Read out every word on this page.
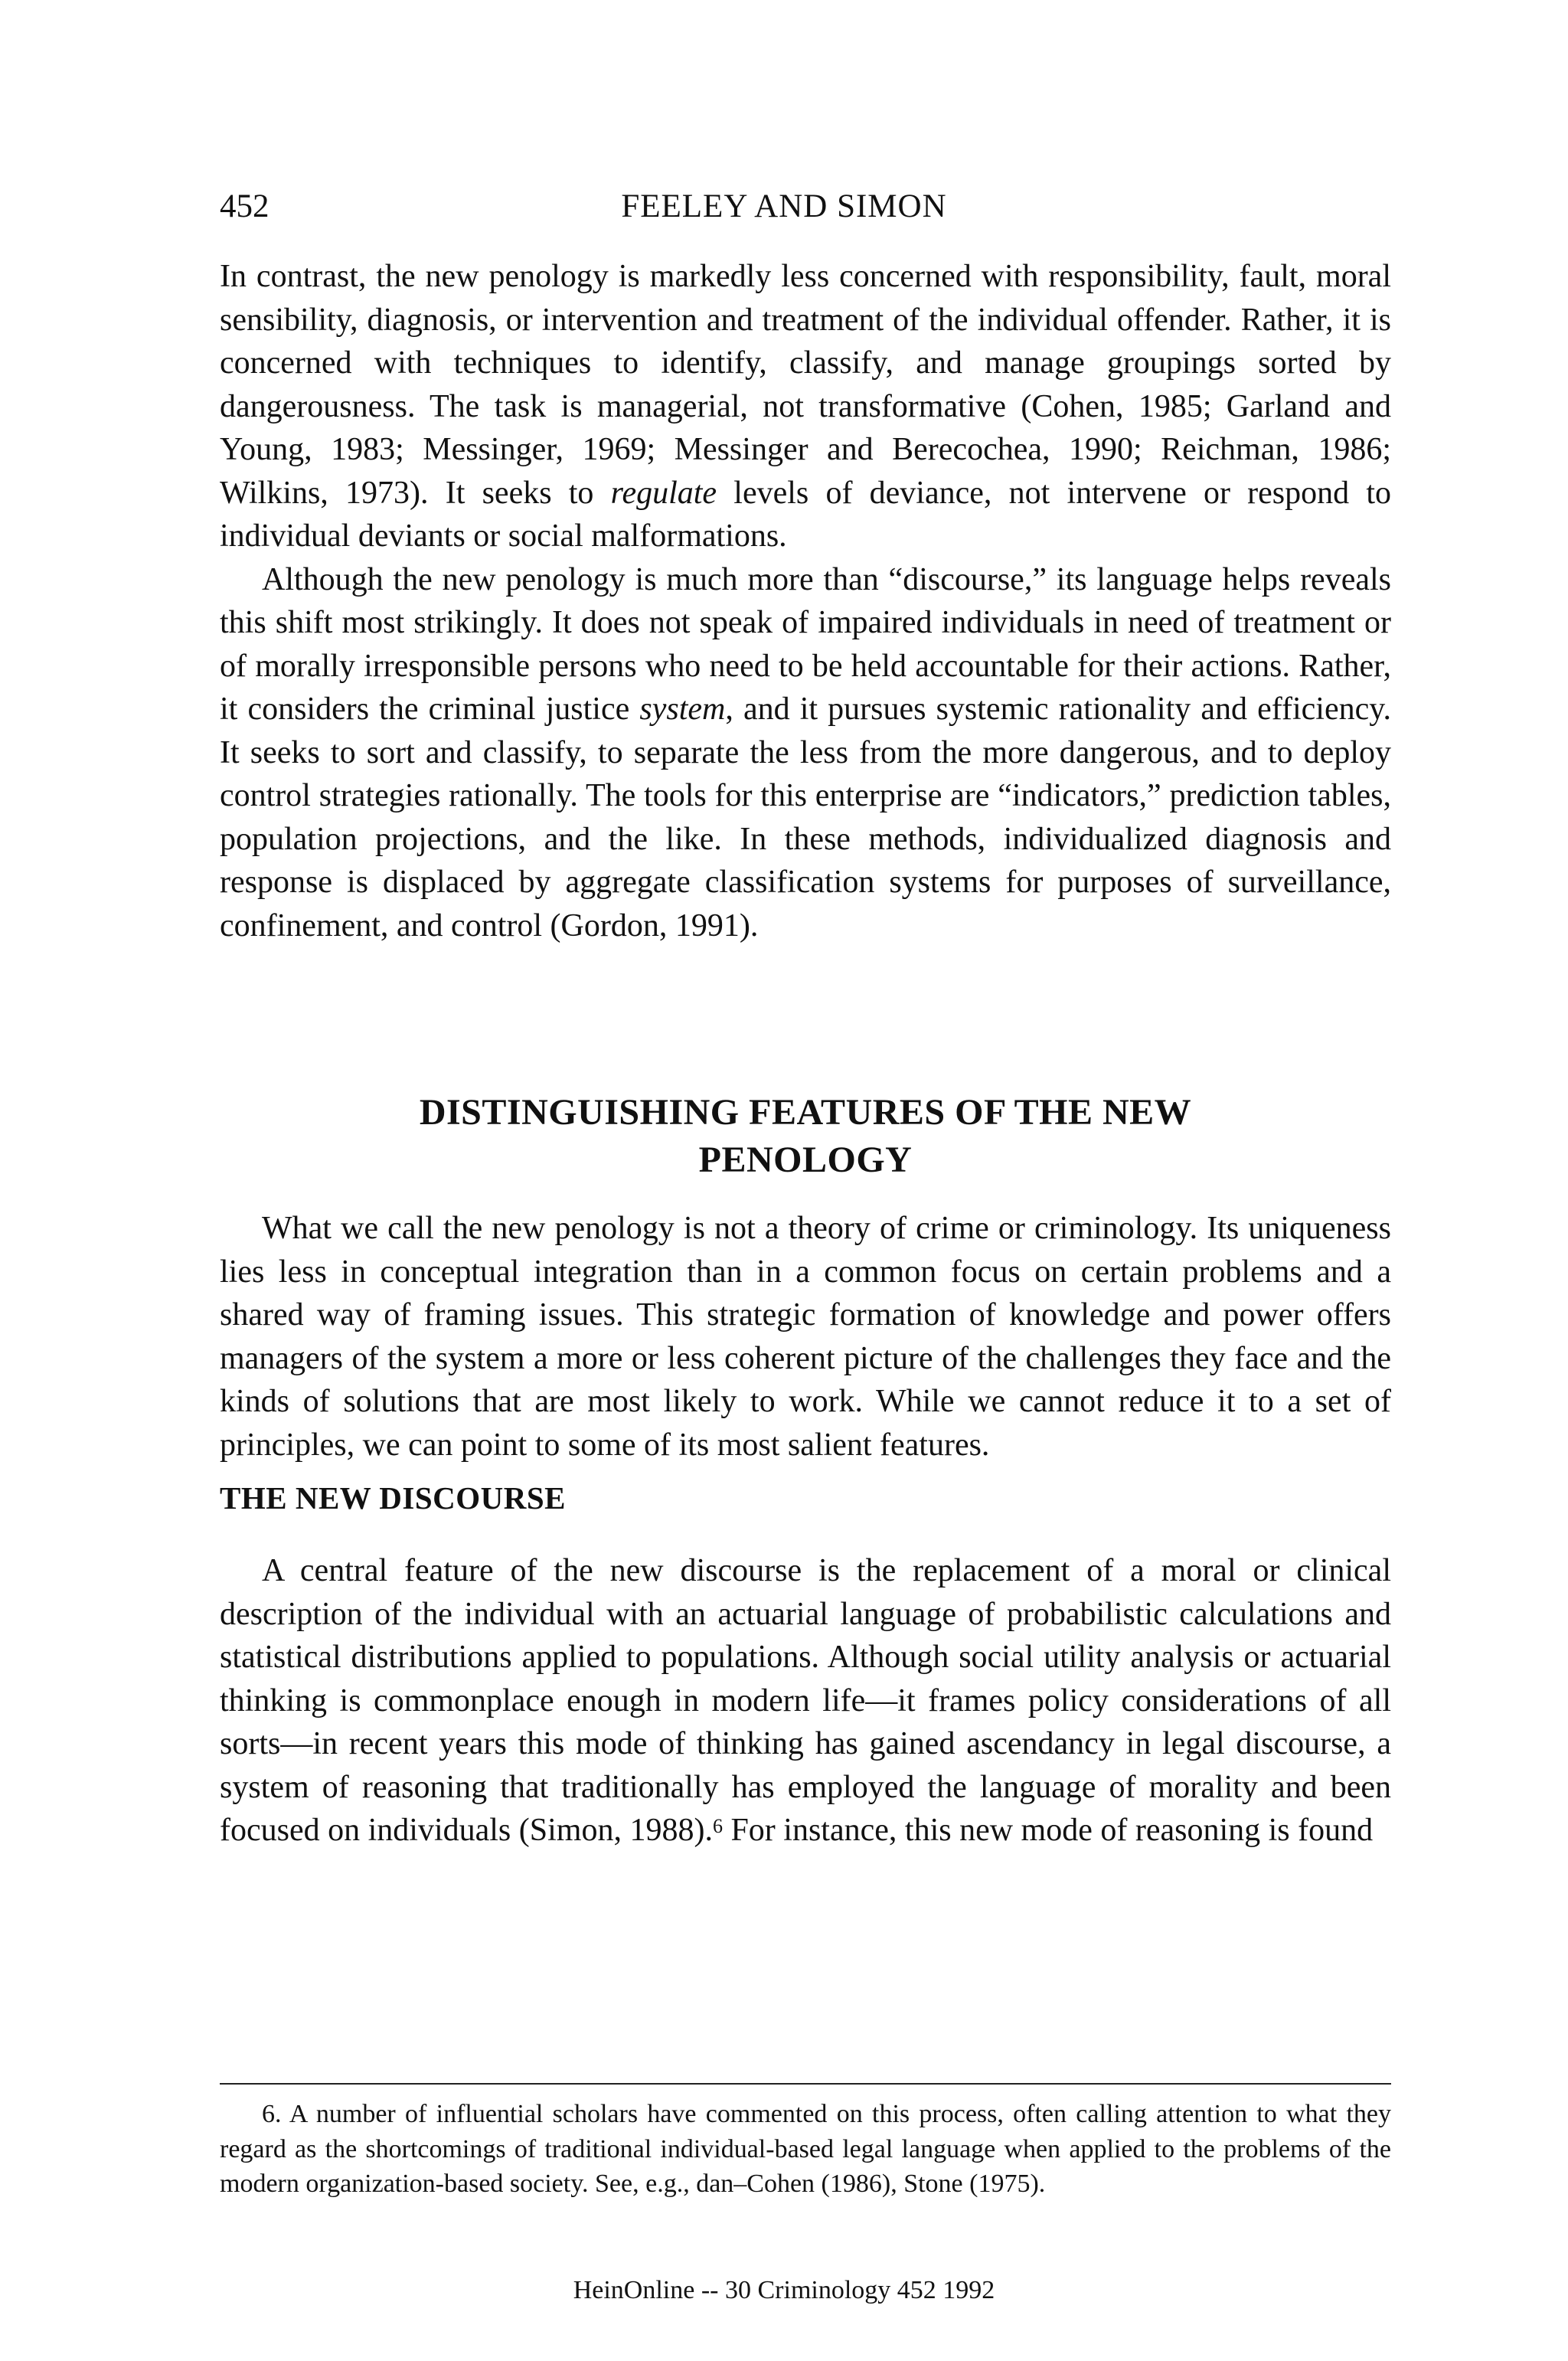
452	FEELEY AND SIMON

In contrast, the new penology is markedly less concerned with responsibility, fault, moral sensibility, diagnosis, or intervention and treatment of the individual offender. Rather, it is concerned with techniques to identify, classify, and manage groupings sorted by dangerousness. The task is managerial, not transformative (Cohen, 1985; Garland and Young, 1983; Messinger, 1969; Messinger and Berecochea, 1990; Reichman, 1986; Wilkins, 1973). It seeks to regulate levels of deviance, not intervene or respond to individual deviants or social malformations.

Although the new penology is much more than “discourse,” its language helps reveals this shift most strikingly. It does not speak of impaired individuals in need of treatment or of morally irresponsible persons who need to be held accountable for their actions. Rather, it considers the criminal justice system, and it pursues systemic rationality and efficiency. It seeks to sort and classify, to separate the less from the more dangerous, and to deploy control strategies rationally. The tools for this enterprise are “indicators,” prediction tables, population projections, and the like. In these methods, individualized diagnosis and response is displaced by aggregate classification systems for purposes of surveillance, confinement, and control (Gordon, 1991).

DISTINGUISHING FEATURES OF THE NEW
PENOLOGY

What we call the new penology is not a theory of crime or criminology. Its uniqueness lies less in conceptual integration than in a common focus on certain problems and a shared way of framing issues. This strategic formation of knowledge and power offers managers of the system a more or less coherent picture of the challenges they face and the kinds of solutions that are most likely to work. While we cannot reduce it to a set of principles, we can point to some of its most salient features.

THE NEW DISCOURSE

A central feature of the new discourse is the replacement of a moral or clinical description of the individual with an actuarial language of probabilistic calculations and statistical distributions applied to populations. Although social utility analysis or actuarial thinking is commonplace enough in modern life—it frames policy considerations of all sorts—in recent years this mode of thinking has gained ascendancy in legal discourse, a system of reasoning that traditionally has employed the language of morality and been focused on individuals (Simon, 1988).$^6$ For instance, this new mode of reasoning is found

6. A number of influential scholars have commented on this process, often calling attention to what they regard as the shortcomings of traditional individual-based legal language when applied to the problems of the modern organization-based society. See, e.g., dan–Cohen (1986), Stone (1975).

HeinOnline -- 30 Criminology 452 1992
